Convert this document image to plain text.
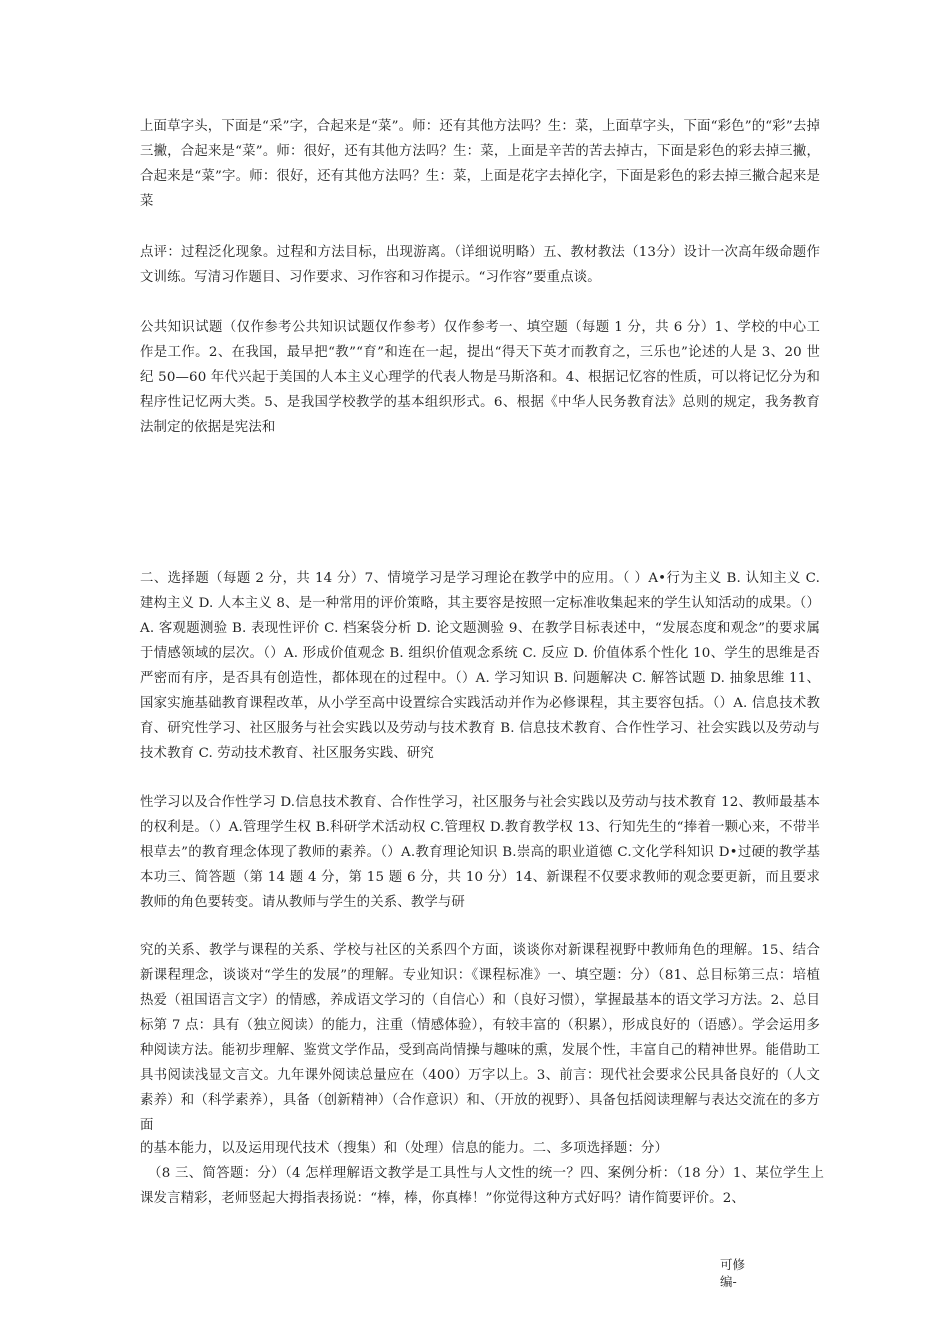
上面草字头，下面是“采”字，合起来是“菜”。师：还有其他方法吗？生：菜，上面草字头，下面“彩色”的“彩”去掉三撇，合起来是“菜”。师：很好，还有其他方法吗？生：菜，上面是辛苦的苦去掉古，下面是彩色的彩去掉三撇，合起来是“菜”字。师：很好，还有其他方法吗？生：菜，上面是花字去掉化字，下面是彩色的彩去掉三撇合起来是菜

点评：过程泛化现象。过程和方法目标，出现游离。（详细说明略）五、教材教法（13分）设计一次高年级命题作文训练。写清习作题目、习作要求、习作容和习作提示。“习作容”要重点谈。

公共知识试题（仅作参考公共知识试题仅作参考）仅作参考一、填空题（每题 1 分，共 6 分）1、学校的中心工作是工作。2、在我国，最早把“教”“育”和连在一起，提出“得天下英才而教育之，三乐也”论述的人是 3、20 世纪 50—60 年代兴起于美国的人本主义心理学的代表人物是马斯洛和。4、根据记忆容的性质，可以将记忆分为和程序性记忆两大类。5、是我国学校教学的基本组织形式。6、根据《中华人民务教育法》总则的规定，我务教育法制定的依据是宪法和

二、选择题（每题 2 分，共 14 分）7、情境学习是学习理论在教学中的应用。（ ）A•行为主义 B. 认知主义 C. 建构主义 D. 人本主义 8、是一种常用的评价策略，其主要容是按照一定标准收集起来的学生认知活动的成果。（）A. 客观题测验 B. 表现性评价 C. 档案袋分析 D. 论文题测验 9、在教学目标表述中，“发展态度和观念”的要求属于情感领域的层次。（）A. 形成价值观念 B. 组织价值观念系统 C. 反应 D. 价值体系个性化 10、学生的思维是否严密而有序，是否具有创造性，都体现在的过程中。（）A. 学习知识 B. 问题解决 C. 解答试题 D. 抽象思维 11、国家实施基础教育课程改革，从小学至高中设置综合实践活动并作为必修课程，其主要容包括。（）A. 信息技术教育、研究性学习、社区服务与社会实践以及劳动与技术教育 B. 信息技术教育、合作性学习、社会实践以及劳动与技术教育 C. 劳动技术教育、社区服务实践、研究

性学习以及合作性学习 D.信息技术教育、合作性学习，社区服务与社会实践以及劳动与技术教育 12、教师最基本的权利是。（）A.管理学生权 B.科研学术活动权 C.管理权 D.教育教学权 13、行知先生的“捧着一颗心来，不带半根草去”的教育理念体现了教师的素养。（）A.教育理论知识 B.崇高的职业道德 C.文化学科知识 D•过硬的教学基本功三、简答题（第 14 题 4 分，第 15 题 6 分，共 10 分）14、新课程不仅要求教师的观念要更新，而且要求教师的角色要转变。请从教师与学生的关系、教学与研

究的关系、教学与课程的关系、学校与社区的关系四个方面，谈谈你对新课程视野中教师角色的理解。15、结合新课程理念，谈谈对“学生的发展”的理解。专业知识：《课程标准》一、填空题：分）（81、总目标第三点：培植热爱（祖国语言文字）的情感，养成语文学习的（自信心）和（良好习惯），掌握最基本的语文学习方法。2、总目标第 7 点：具有（独立阅读）的能力，注重（情感体验），有较丰富的（积累），形成良好的（语感）。学会运用多种阅读方法。能初步理解、鉴赏文学作品，受到高尚情操与趣味的熏，发展个性，丰富自己的精神世界。能借助工具书阅读浅显文言文。九年课外阅读总量应在（400）万字以上。3、前言：现代社会要求公民具备良好的（人文素养）和（科学素养），具备（创新精神）（合作意识）和、（开放的视野）、具备包括阅读理解与表达交流在的多方面

的基本能力，以及运用现代技术（搜集）和（处理）信息的能力。二、多项选择题：分）

（8 三、简答题：分）（4 怎样理解语文教学是工具性与人文性的统一？四、案例分析：（18 分）1、某位学生上课发言精彩，老师竖起大拇指表扬说：“棒，棒，你真棒！”你觉得这种方式好吗？请作简要评价。2、

可修
编-
